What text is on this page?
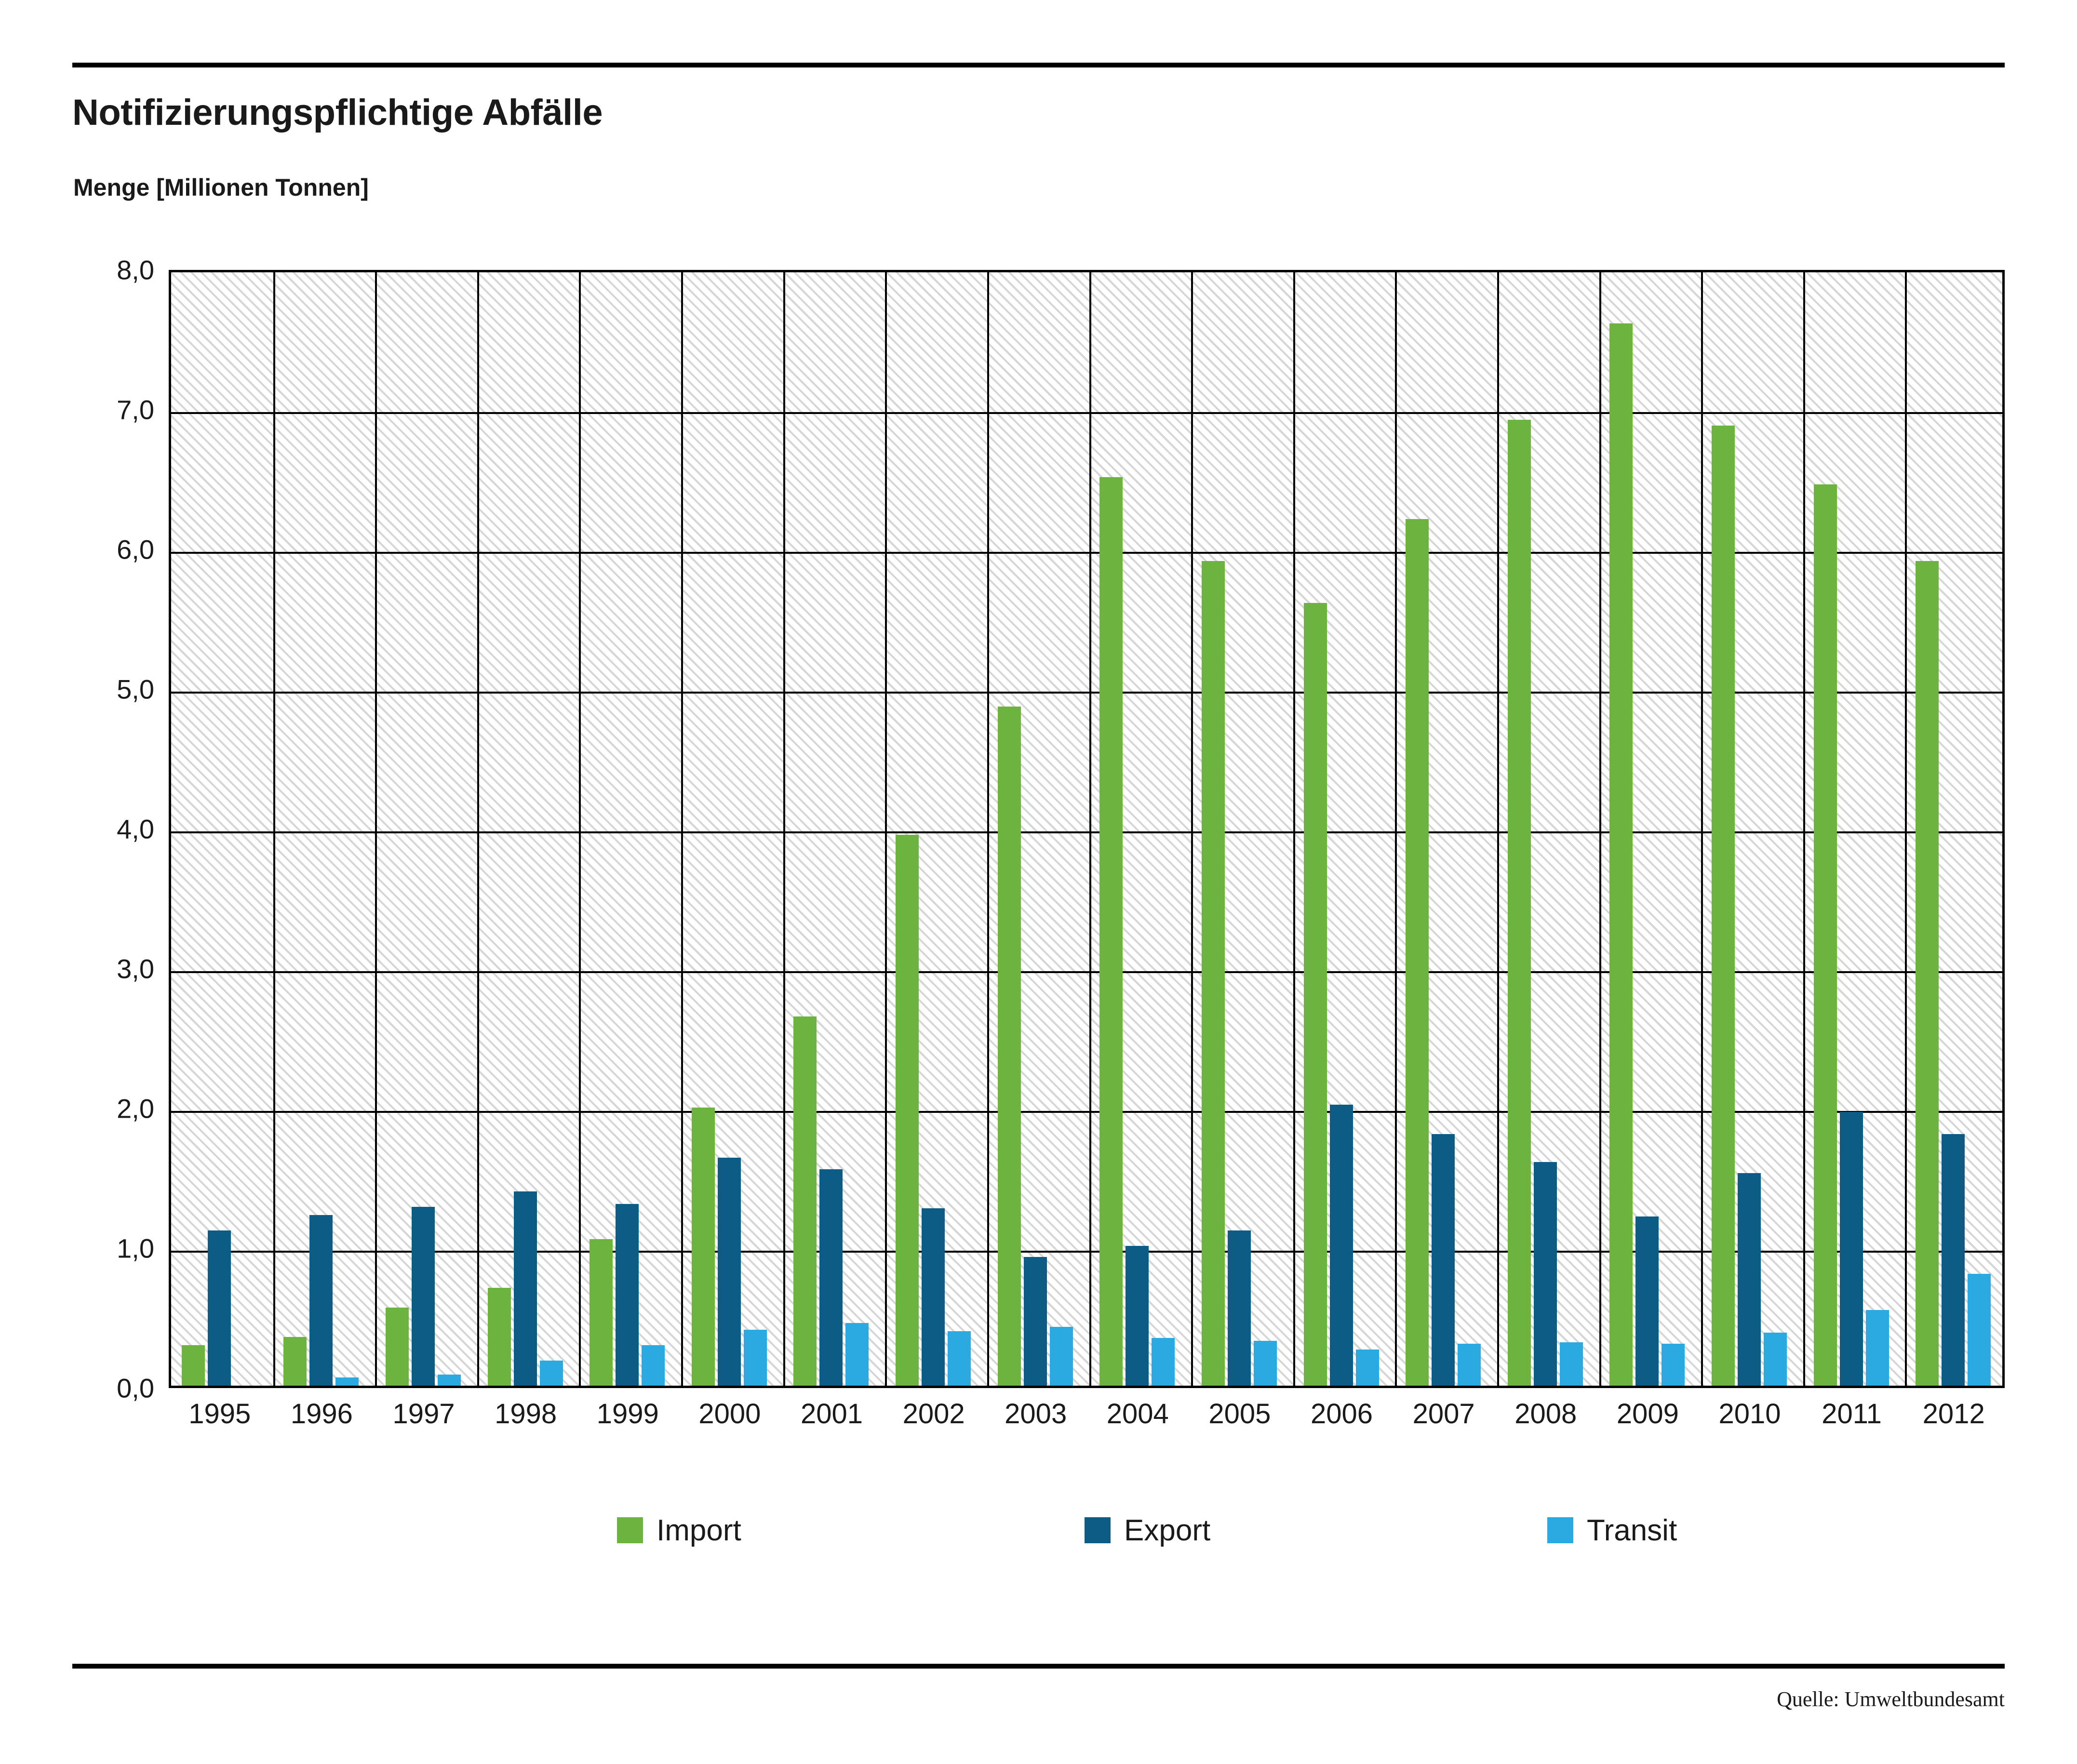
Notifizierungspflichtige Abfälle
Menge [Millionen Tonnen]
0,0
1,0
2,0
3,0
4,0
5,0
6,0
7,0
8,0
1995 1996 1997 1998 1999 2000 2001 2002 2003 2004 2005 2006 2007 2008 2009 2010 2011 2012
Import	Export	Transit
Quelle: Umweltbundesamt
